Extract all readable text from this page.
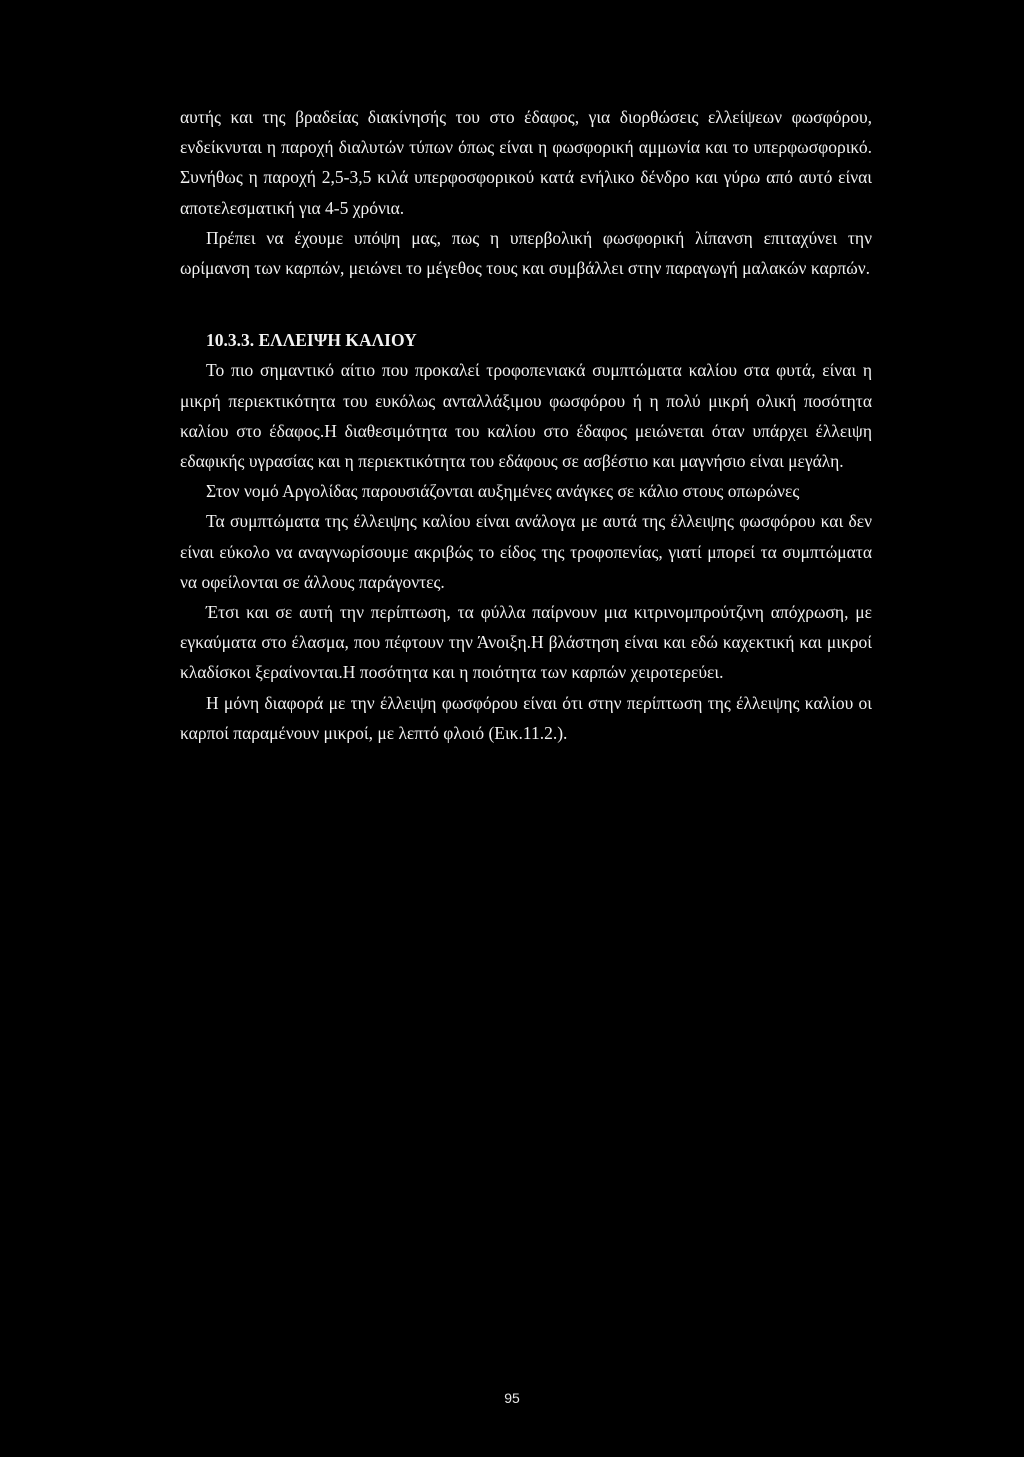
αυτής και της βραδείας διακίνησής του στο έδαφος, για διορθώσεις ελλείψεων φωσφόρου, ενδείκνυται η παροχή διαλυτών τύπων όπως είναι η φωσφορική αμμωνία και το υπερφωσφορικό. Συνήθως η παροχή 2,5-3,5 κιλά υπερφοσφορικού κατά ενήλικο δένδρο και γύρω από αυτό είναι αποτελεσματική για 4-5 χρόνια.

Πρέπει να έχουμε υπόψη μας, πως η υπερβολική φωσφορική λίπανση επιταχύνει την ωρίμανση των καρπών, μειώνει το μέγεθος τους και συμβάλλει στην παραγωγή μαλακών καρπών.

10.3.3. ΕΛΛΕΙΨΗ ΚΑΛΙΟΥ

Το πιο σημαντικό αίτιο που προκαλεί τροφοπενιακά συμπτώματα καλίου στα φυτά, είναι η μικρή περιεκτικότητα του ευκόλως ανταλλάξιμου φωσφόρου ή η πολύ μικρή ολική ποσότητα καλίου στο έδαφος.Η διαθεσιμότητα του καλίου στο έδαφος μειώνεται όταν υπάρχει έλλειψη εδαφικής υγρασίας και η περιεκτικότητα του εδάφους σε ασβέστιο και μαγνήσιο είναι μεγάλη.

Στον νομό Αργολίδας παρουσιάζονται αυξημένες ανάγκες σε κάλιο στους οπωρώνες

Τα συμπτώματα της έλλειψης καλίου είναι ανάλογα με αυτά της έλλειψης φωσφόρου και δεν είναι εύκολο να αναγνωρίσουμε ακριβώς το είδος της τροφοπενίας, γιατί μπορεί τα συμπτώματα να οφείλονται σε άλλους παράγοντες.

Έτσι και σε αυτή την περίπτωση, τα φύλλα παίρνουν μια κιτρινομπρούτζινη απόχρωση, με εγκαύματα στο έλασμα, που πέφτουν την Άνοιξη.Η βλάστηση είναι και εδώ καχεκτική και μικροί κλαδίσκοι ξεραίνονται.Η ποσότητα και η ποιότητα των καρπών χειροτερεύει.

Η μόνη διαφορά με την έλλειψη φωσφόρου είναι ότι στην περίπτωση της έλλειψης καλίου οι καρποί παραμένουν μικροί, με λεπτό φλοιό (Εικ.11.2.).

95
